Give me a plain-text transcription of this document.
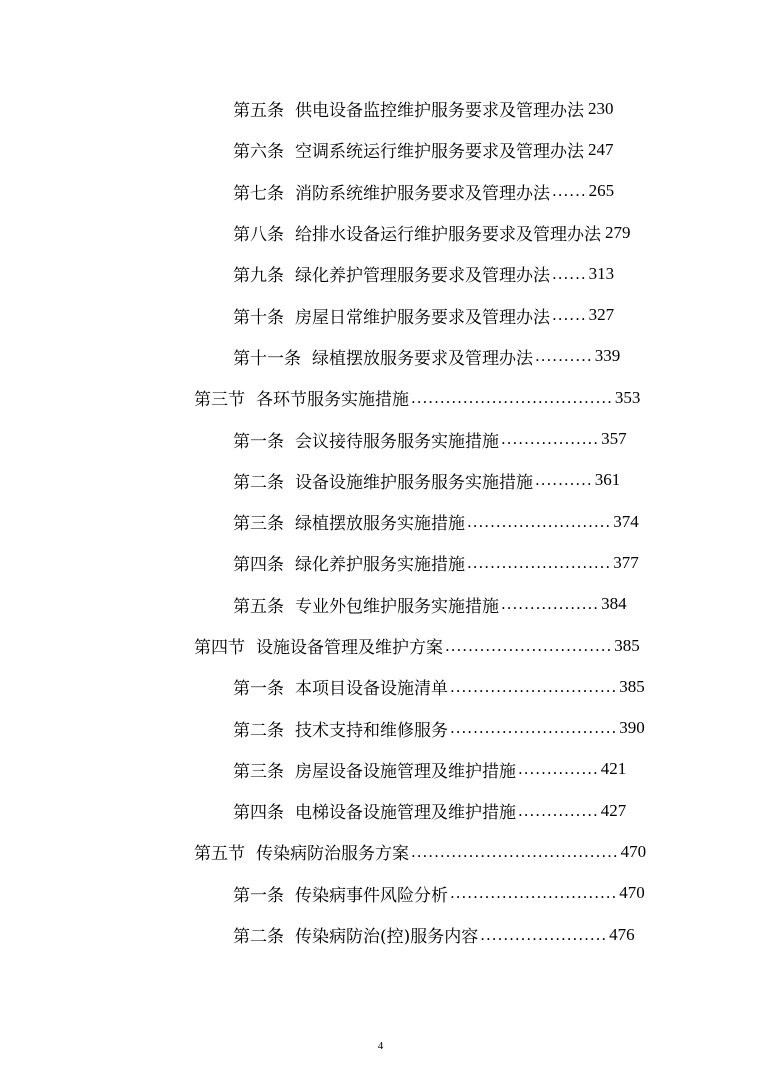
第五条 供电设备监控维护服务要求及管理办法 230
第六条 空调系统运行维护服务要求及管理办法 247
第七条 消防系统维护服务要求及管理办法 ...... 265
第八条 给排水设备运行维护服务要求及管理办法 279
第九条 绿化养护管理服务要求及管理办法 ...... 313
第十条 房屋日常维护服务要求及管理办法 ...... 327
第十一条 绿植摆放服务要求及管理办法 .......... 339
第三节 各环节服务实施措施 ................................... 353
第一条 会议接待服务服务实施措施 ................. 357
第二条 设备设施维护服务服务实施措施 .......... 361
第三条 绿植摆放服务实施措施 ......................... 374
第四条 绿化养护服务实施措施 ......................... 377
第五条 专业外包维护服务实施措施 ................. 384
第四节 设施设备管理及维护方案 ............................. 385
第一条 本项目设备设施清单 ............................. 385
第二条 技术支持和维修服务 ............................. 390
第三条 房屋设备设施管理及维护措施 .............. 421
第四条 电梯设备设施管理及维护措施 .............. 427
第五节 传染病防治服务方案 .................................... 470
第一条 传染病事件风险分析 ............................. 470
第二条 传染病防治(控)服务内容 ...................... 476
4
